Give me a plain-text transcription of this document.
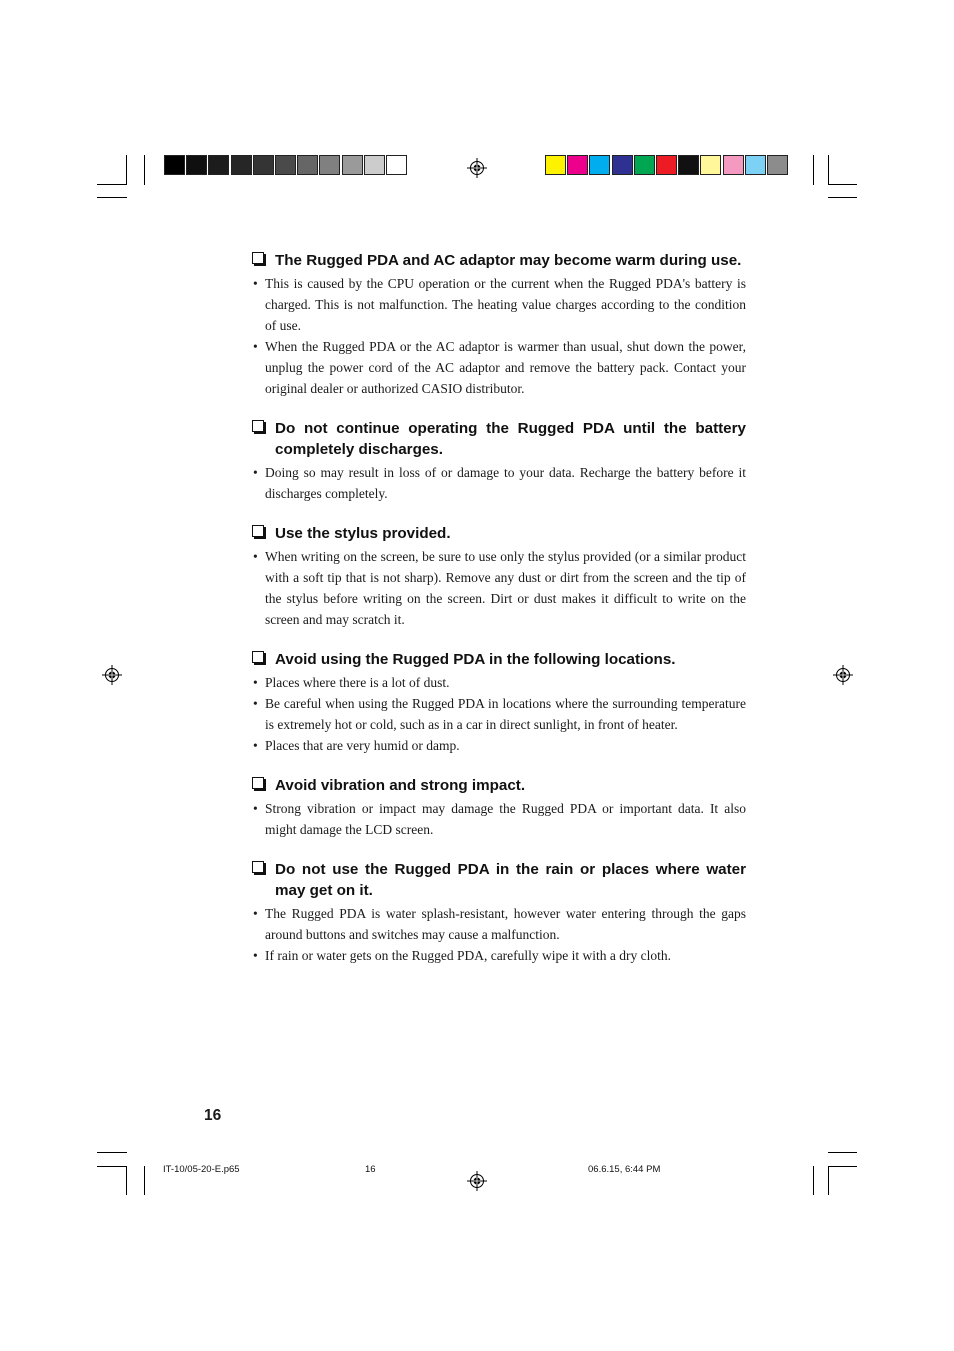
The Rugged PDA and AC adaptor may become warm during use.
• This is caused by the CPU operation or the current when the Rugged PDA's battery is charged. This is not malfunction. The heating value charges according to the condition of use.
• When the Rugged PDA or the AC adaptor is warmer than usual, shut down the power, unplug the power cord of the AC adaptor and remove the battery pack. Contact your original dealer or authorized CASIO distributor.
Do not continue operating the Rugged PDA until the battery completely discharges.
• Doing so may result in loss of or damage to your data. Recharge the battery before it discharges completely.
Use the stylus provided.
• When writing on the screen, be sure to use only the stylus provided (or a similar product with a soft tip that is not sharp). Remove any dust or dirt from the screen and the tip of the stylus before writing on the screen. Dirt or dust makes it difficult to write on the screen and may scratch it.
Avoid using the Rugged PDA in the following locations.
• Places where there is a lot of dust.
• Be careful when using the Rugged PDA in locations where the surrounding temperature is extremely hot or cold, such as in a car in direct sunlight, in front of heater.
• Places that are very humid or damp.
Avoid vibration and strong impact.
• Strong vibration or impact may damage the Rugged PDA or important data. It also might damage the LCD screen.
Do not use the Rugged PDA in the rain or places where water may get on it.
• The Rugged PDA is water splash-resistant, however water entering through the gaps around buttons and switches may cause a malfunction.
• If rain or water gets on the Rugged PDA, carefully wipe it with a dry cloth.
16
IT-10/05-20-E.p65	16	06.6.15, 6:44 PM
